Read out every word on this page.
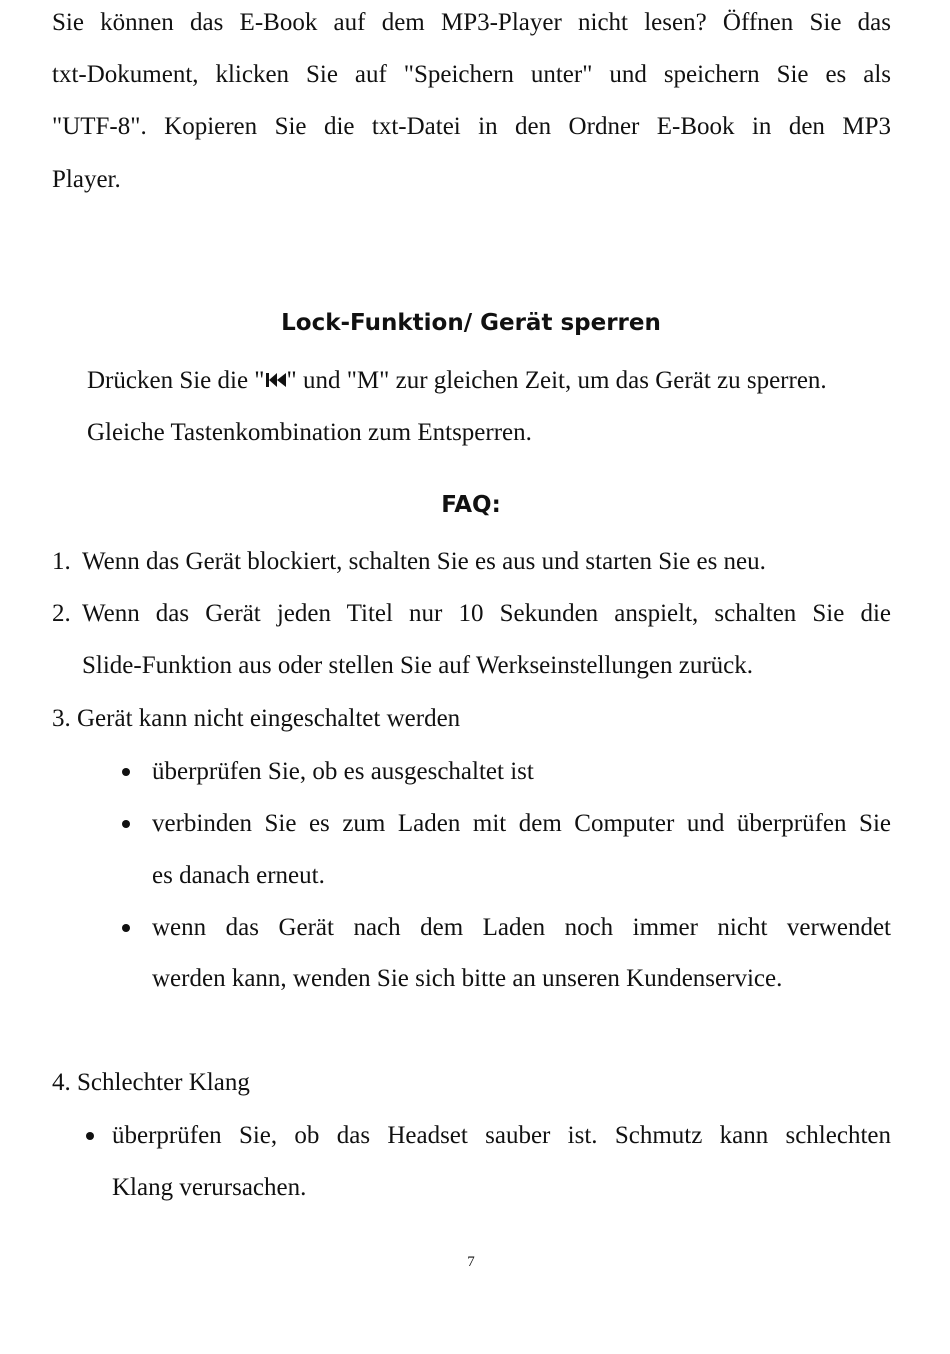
Sie können das E-Book auf dem MP3-Player nicht lesen? Öffnen Sie das
txt-Dokument, klicken Sie auf "Speichern unter" und speichern Sie es als
"UTF-8". Kopieren Sie die txt-Datei in den Ordner E-Book in den MP3
Player.
Lock-Funktion/ Gerät sperren
Drücken Sie die " " und "M" zur gleichen Zeit, um das Gerät zu sperren.
Gleiche Tastenkombination zum Entsperren.
FAQ:
1. Wenn das Gerät blockiert, schalten Sie es aus und starten Sie es neu.
2. Wenn das Gerät jeden Titel nur 10 Sekunden anspielt, schalten Sie die
Slide-Funktion aus oder stellen Sie auf Werkseinstellungen zurück.
3. Gerät kann nicht eingeschaltet werden
überprüfen Sie, ob es ausgeschaltet ist
verbinden Sie es zum Laden mit dem Computer und überprüfen Sie
es danach erneut.
wenn das Gerät nach dem Laden noch immer nicht verwendet
werden kann, wenden Sie sich bitte an unseren Kundenservice.
4. Schlechter Klang
überprüfen Sie, ob das Headset sauber ist. Schmutz kann schlechten
Klang verursachen.
7
